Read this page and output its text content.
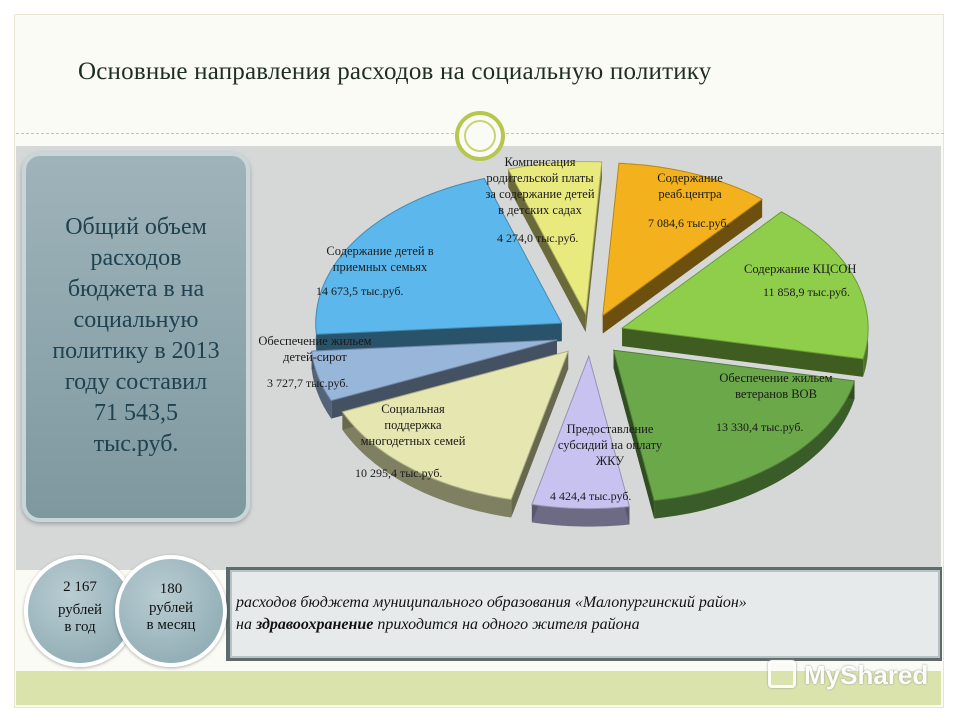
Основные направления расходов на социальную политику
Общий объем
расходов
бюджета в на
социальную
политику в 2013
году составил
71 543,5
тыс.руб.
Компенсация
родительской платы
за содержание детей
в детских садах
4 274,0 тыс.руб.
Содержание
реаб.центра
7 084,6 тыс.руб.
Содержание КЦСОН
11 858,9 тыс.руб.
Обеспечение жильем
ветеранов ВОВ
13 330,4 тыс.руб.
Предоставление
субсидий на оплату
ЖКУ
4 424,4 тыс.руб.
Социальная
поддержка
многодетных семей
10 295,4 тыс.руб.
Обеспечение жильем
детей-сирот
3 727,7 тыс.руб.
Содержание детей в
приемных семьях
14 673,5 тыс.руб.
расходов бюджета муниципального образования «Малопургинский район»
на здравоохранение приходится на одного жителя района
2 167
рублей
в год
180
рублей
в месяц
MyShared
